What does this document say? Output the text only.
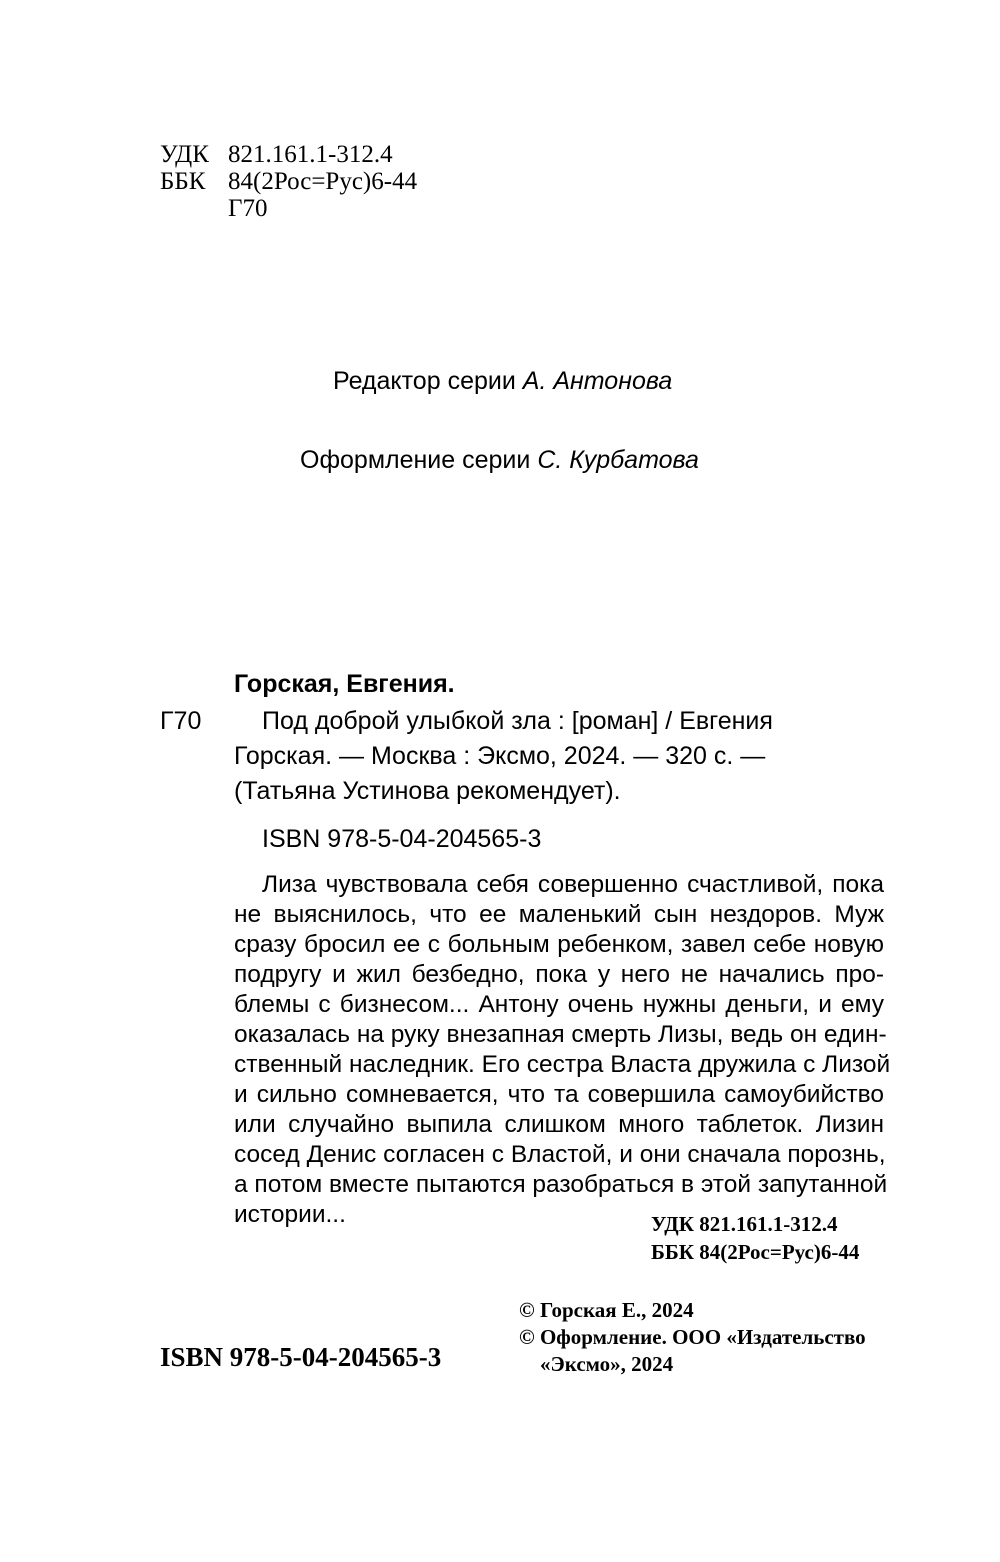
УДК 821.161.1-312.4
ББК 84(2Рос=Рус)6-44
Г70
Редактор серии А. Антонова
Оформление серии С. Курбатова
Горская, Евгения.
Г70 Под доброй улыбкой зла : [роман] / Евгения
Горская. — Москва : Эксмо, 2024. — 320 с. —
(Татьяна Устинова рекомендует).
ISBN 978-5-04-204565-3
Лиза чувствовала себя совершенно счастливой, пока
не выяснилось, что ее маленький сын нездоров. Муж
сразу бросил ее с больным ребенком, завел себе новую
подругу и жил безбедно, пока у него не начались про-
блемы с бизнесом... Антону очень нужны деньги, и ему
оказалась на руку внезапная смерть Лизы, ведь он един-
ственный наследник. Его сестра Власта дружила с Лизой
и сильно сомневается, что та совершила самоубийство
или случайно выпила слишком много таблеток. Лизин
сосед Денис согласен с Властой, и они сначала порознь,
а потом вместе пытаются разобраться в этой запутанной
истории...	УДК 821.161.1-312.4
ББК 84(2Рос=Рус)6-44
ISBN 978-5-04-204565-3
© Горская Е., 2024
© Оформление. ООО «Издательство
«Эксмо», 2024
